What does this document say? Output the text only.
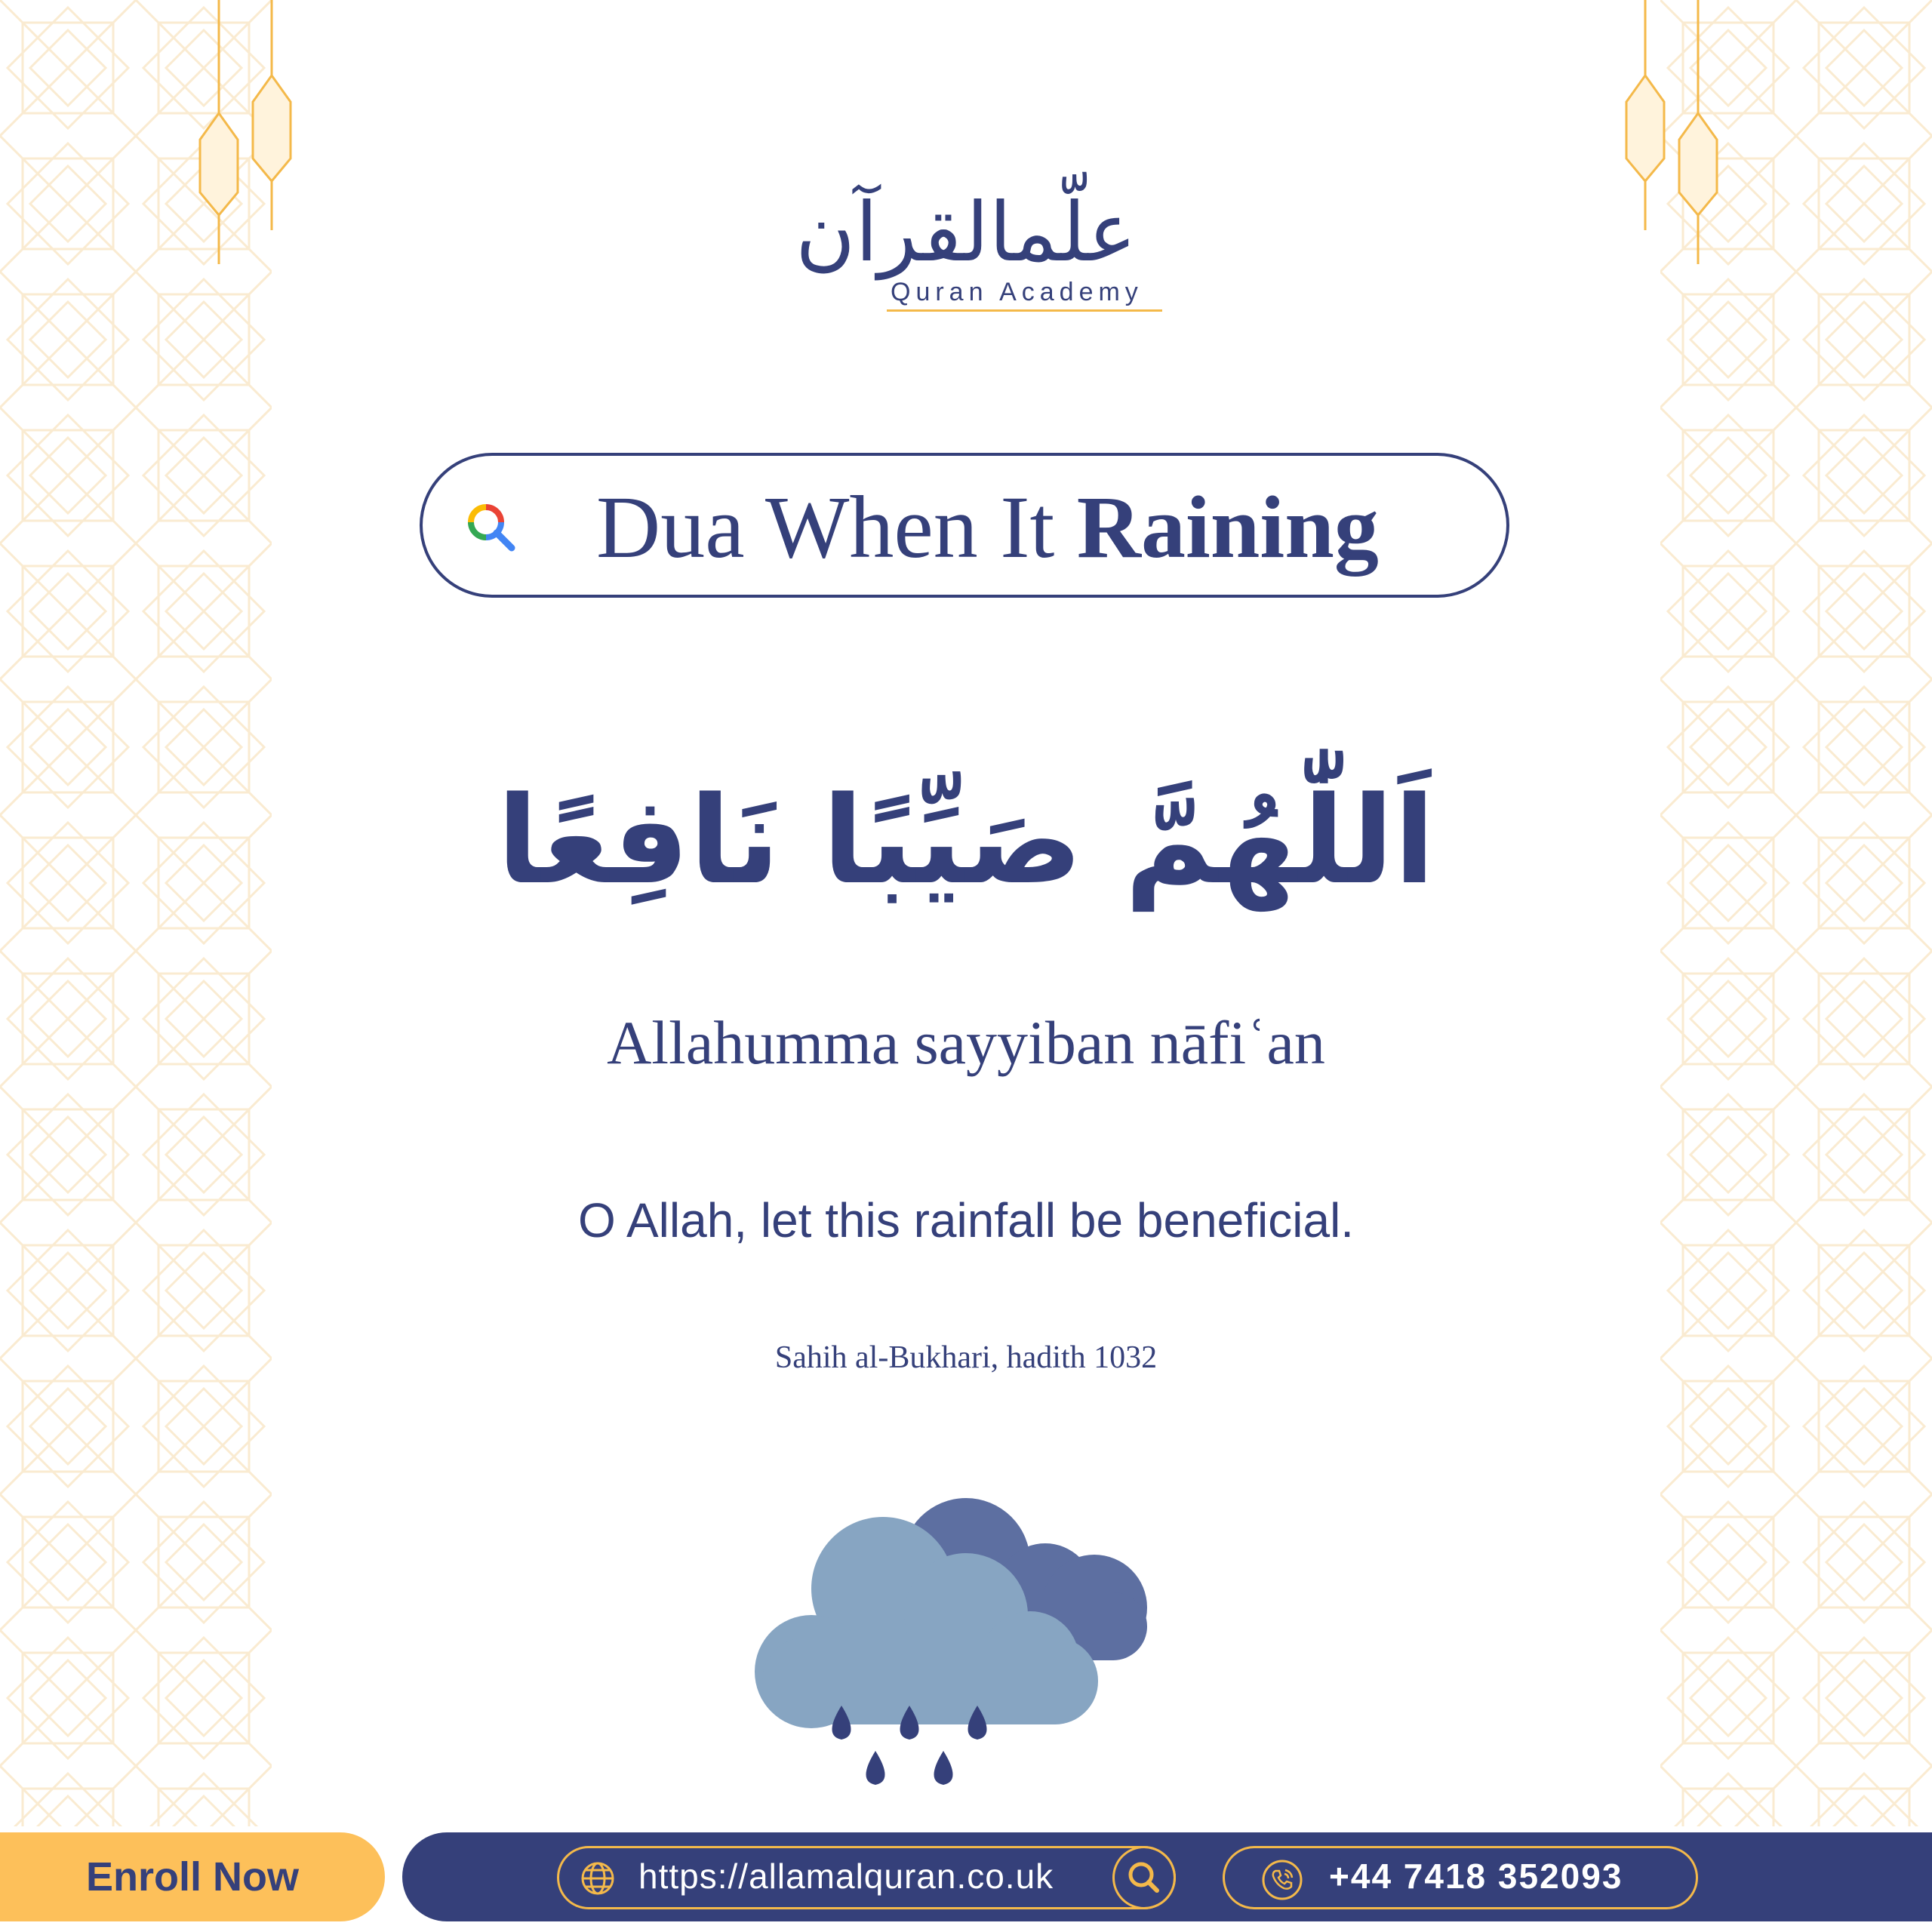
علّمالقرآن
Quran Academy
Dua When It Raining
اَللّٰهُمَّ صَيِّبًا نَافِعًا
Allahumma sayyiban nāfiʿan
O Allah, let this rainfall be beneficial.
Sahih al-Bukhari, hadith 1032
Enroll Now	https://allamalquran.co.uk	+44 7418 352093
